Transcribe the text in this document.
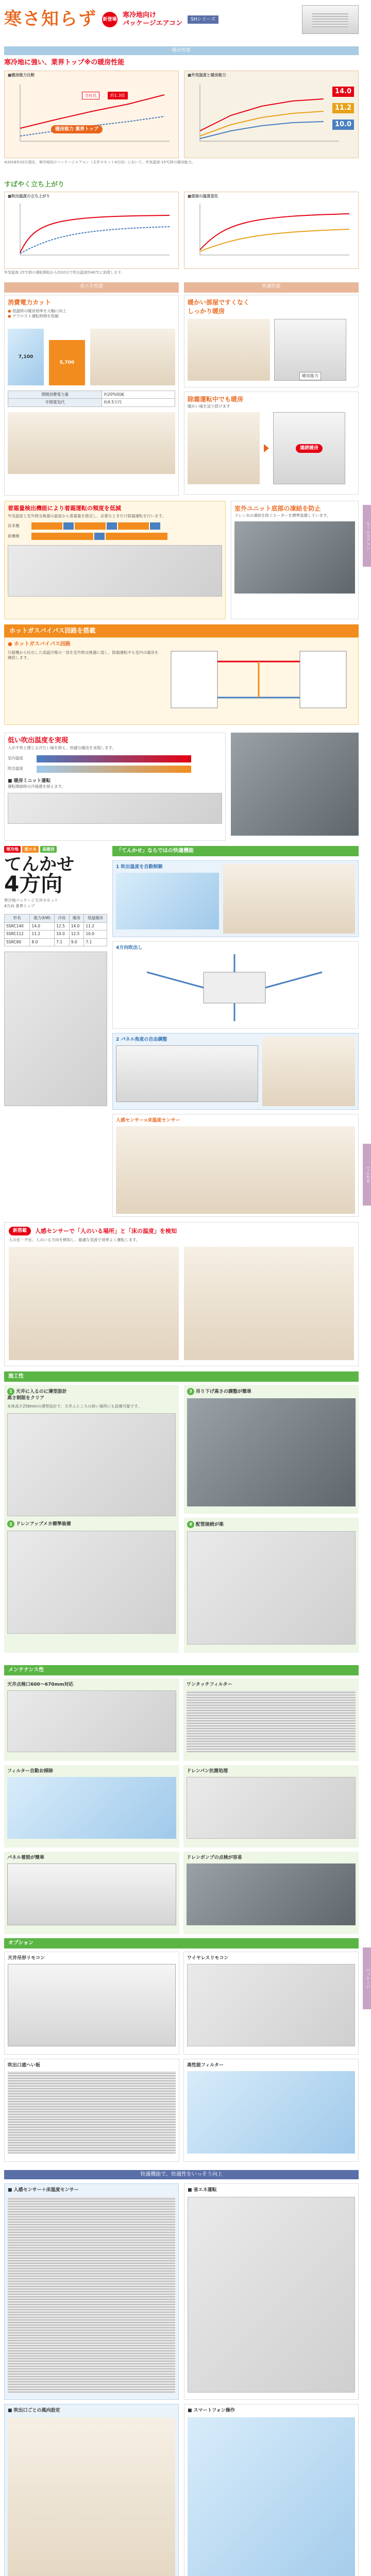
ルームエアコン
てんかせ
パッケージ
寒さ知らず 新登場
寒冷地向け
パッケージエアコン
SHシリーズ
暖房性能
寒冷地に強い、業界トップ※の暖房性能
■暖房能力比較
当社比	約1.3倍
暖房能力 業界トップ
■外気温度と暖房能力
14.0
11.2
10.0
※2016年10月現在、寒冷地向けパッケージエアコン（天井カセット4方向）において。外気温度-15℃時の暖房能力。
すばやく立ち上がり
■吹出温度の立ち上がり	■部屋の温度変化
外気温度-15℃時の運転開始から約10分で吹出温度約40℃に到達します。
省エネ性能	快適性能
消費電力カット
● 低温時の暖房効率を大幅に向上
● デフロスト運転時間を短縮
7,100
5,700
期間消費電力量	約20%削減
年間電気代	約4.5万円
暖かい部屋ですくなく
しっかり暖房
暖房能力
除霜運転中でも暖房
暖かい風を送り続けます
連続暖房
着霜量検出機能により着霜運転の頻度を低減
外気温度と室外熱交換器の温度から着霜量を推定し、必要なときだけ除霜運転を行います。
従来機
新機種
室外ユニット底部の凍結を防止
ドレン水の凍結を防ぐヒーターを標準装備しています。
ホットガスバイパス回路を搭載
● ホットガスバイパス回路
圧縮機から吐出した高温冷媒の一部を室外熱交換器に流し、除霜運転中も室内の暖房を継続します。
低い吹出温度を実現
人が不快と感じる冷たい風を抑え、快適な暖房を実現します。
室内温度
吹出温度
■ 暖房ミニット運転
運転開始時の冷風感を抑えます。
寒冷地	省エネ	高暖房
てんかせ
4方向
寒冷地パッケージ天井カセット
4方向 業界トップ
形名	能力(kW)	冷房	暖房	低温暖房
SSRC140	14.0	12.5	14.0	11.2
SSRC112	11.2	10.0	12.5	10.0
SSRC80	8.0	7.1	9.0	7.1
「てんかせ」ならではの快適機能
1 吹出温度を自動制御
4方向吹出し
2 パネル角度の自由調整
人感センサー×床温度センサー
新搭載	人感センサーで「人のいる場所」と「床の温度」を検知
人の在・不在、人のいる方向を検知し、最適な気流で効率よく運転します。
施工性
1 天井に入るのに薄型設計
高さ制限をクリア
本体高さ256mmの薄型設計で、天井ふところの狭い場所にも設置可能です。
2 ドレンアップメカ標準装備
3 吊り下げ高さの調整が簡単
4 配管接続が楽
メンテナンス性
天井点検口600～670mm対応	ワンタッチフィルター
フィルター自動お掃除	ドレンパン抗菌処理
パネル着脱が簡単	ドレンポンプの点検が容易
オプション
天井吊形リモコン	ワイヤレスリモコン
吹出口遮へい板	高性能フィルター
快適機能で、快適性をいっそう向上
■ 人感センサー＋床温度センサー
■ 吹出口ごとの風向設定
■ 省エネ運転
■ スマートフォン操作
